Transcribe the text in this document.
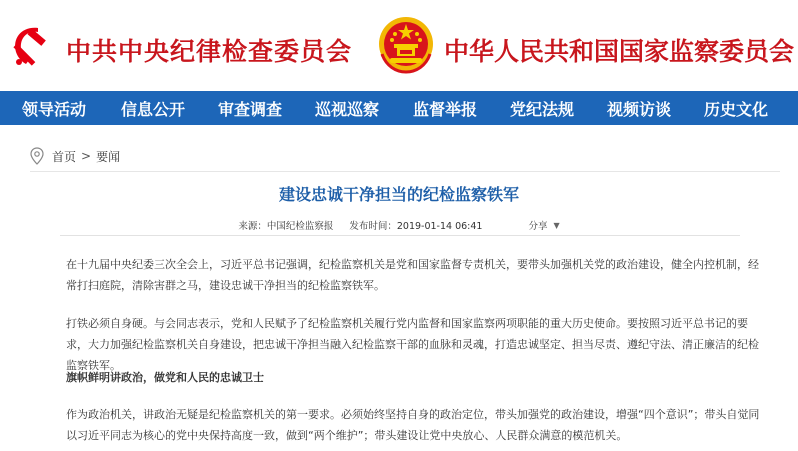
中共中央纪律检查委员会	中华人民共和国国家监察委员会
领导活动 信息公开 审查调查 巡视巡察 监督举报 党纪法规 视频访谈 历史文化
首页 > 要闻
建设忠诚干净担当的纪检监察铁军
来源：中国纪检监察报 发布时间：2019-01-14 06:41	分享 ▼
在十九届中央纪委三次全会上，习近平总书记强调，纪检监察机关是党和国家监督专责机关，要带头加强机关党的政治建设，健全内控机制，经常打扫庭院，清除害群之马，建设忠诚干净担当的纪检监察铁军。
打铁必须自身硬。与会同志表示，党和人民赋予了纪检监察机关履行党内监督和国家监察两项职能的重大历史使命。要按照习近平总书记的要求，大力加强纪检监察机关自身建设，把忠诚干净担当融入纪检监察干部的血脉和灵魂，打造忠诚坚定、担当尽责、遵纪守法、清正廉洁的纪检监察铁军。
旗帜鲜明讲政治，做党和人民的忠诚卫士
作为政治机关，讲政治无疑是纪检监察机关的第一要求。必须始终坚持自身的政治定位，带头加强党的政治建设，增强“四个意识”；带头自觉同以习近平同志为核心的党中央保持高度一致，做到“两个维护”；带头建设让党中央放心、人民群众满意的模范机关。
